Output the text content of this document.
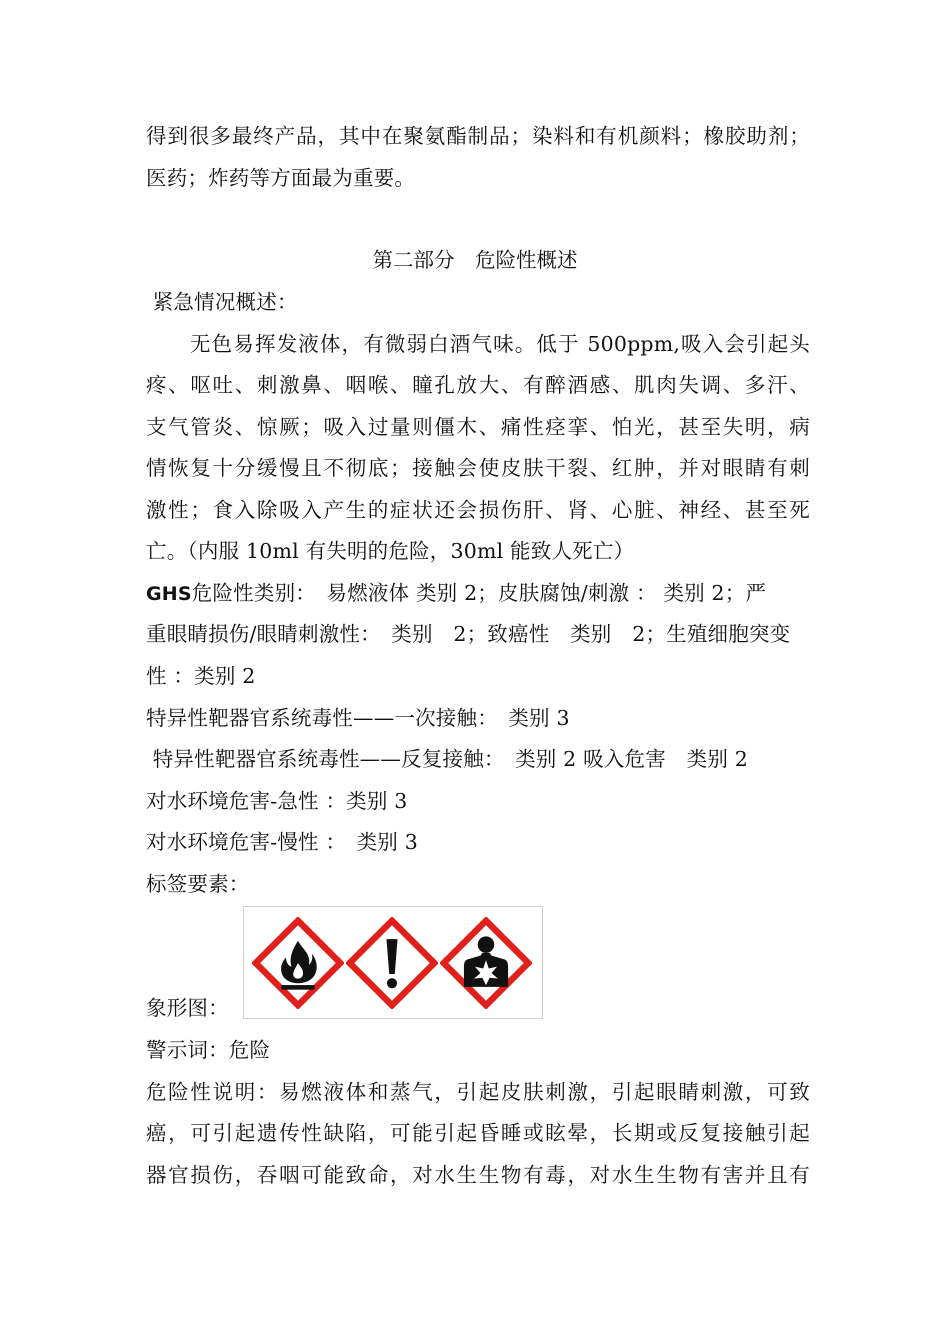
得到很多最终产品，其中在聚氨酯制品；染料和有机颜料；橡胶助剂；
医药；炸药等方面最为重要。
第二部分　危险性概述
紧急情况概述：
无色易挥发液体，有微弱白酒气味。低于 500ppm,吸入会引起头
疼、呕吐、刺激鼻、咽喉、瞳孔放大、有醉酒感、肌肉失调、多汗、
支气管炎、惊厥；吸入过量则僵木、痛性痉挛、怕光，甚至失明，病
情恢复十分缓慢且不彻底；接触会使皮肤干裂、红肿，并对眼睛有刺
激性；食入除吸入产生的症状还会损伤肝、肾、心脏、神经、甚至死
亡。（内服 10ml 有失明的危险，30ml 能致人死亡）
GHS危险性类别：　易燃液体 类别 2；皮肤腐蚀/刺激 ： 类别 2；严
重眼睛损伤/眼睛刺激性：　类别　2；致癌性　类别　2；生殖细胞突变
性 ：类别 2
特异性靶器官系统毒性——一次接触：　类别 3
特异性靶器官系统毒性——反复接触：　类别 2 吸入危害　类别 2
对水环境危害-急性 ：类别 3
对水环境危害-慢性 ：　类别 3
标签要素：
象形图：
警示词：危险
危险性说明：易燃液体和蒸气，引起皮肤刺激，引起眼睛刺激，可致
癌，可引起遗传性缺陷，可能引起昏睡或眩晕，长期或反复接触引起
器官损伤，吞咽可能致命，对水生生物有毒，对水生生物有害并且有
